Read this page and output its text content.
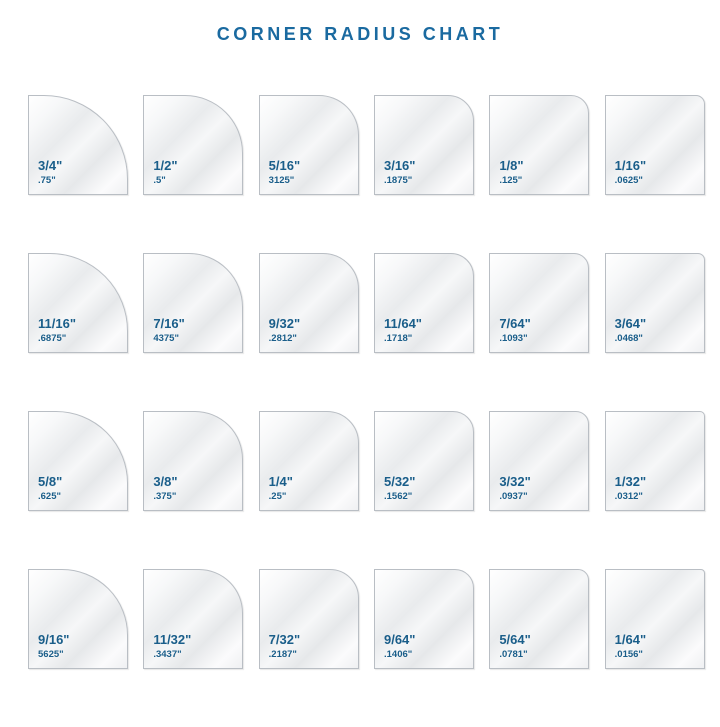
CORNER RADIUS CHART
3/4"
.75"
1/2"
.5"
5/16"
3125"
3/16"
.1875"
1/8"
.125"
1/16"
.0625"
11/16"
.6875"
7/16"
4375"
9/32"
.2812"
11/64"
.1718"
7/64"
.1093"
3/64"
.0468"
5/8"
.625"
3/8"
.375"
1/4"
.25"
5/32"
.1562"
3/32"
.0937"
1/32"
.0312"
9/16"
5625"
11/32"
.3437"
7/32"
.2187"
9/64"
.1406"
5/64"
.0781"
1/64"
.0156"
